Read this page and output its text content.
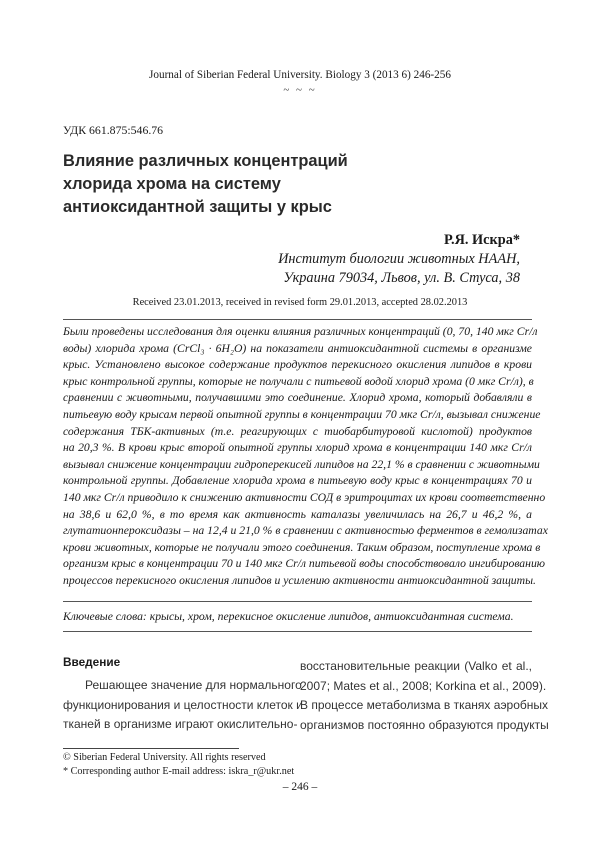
Journal of Siberian Federal University. Biology 3 (2013 6) 246-256
~ ~ ~
УДК 661.875:546.76
Влияние различных концентраций
хлорида хрома на систему
антиоксидантной защиты у крыс
Р.Я. Искра*
Институт биологии животных НААН,
Украина 79034, Львов, ул. В. Стуса, 38
Received 23.01.2013, received in revised form 29.01.2013, accepted 28.02.2013
Были проведены исследования для оценки влияния различных концентраций (0, 70, 140 мкг Cr/л
воды) хлорида хрома (CrCl₃ · 6H₂O) на показатели антиоксидантной системы в организме
крыс. Установлено высокое содержание продуктов перекисного окисления липидов в крови
крыс контрольной группы, которые не получали с питьевой водой хлорид хрома (0 мкг Cr/л), в
сравнении с животными, получавшими это соединение. Хлорид хрома, который добавляли в
питьевую воду крысам первой опытной группы в концентрации 70 мкг Cr/л, вызывал снижение
содержания ТБК-активных (т.е. реагирующих с тиобарбитуровой кислотой) продуктов
на 20,3 %. В крови крыс второй опытной группы хлорид хрома в концентрации 140 мкг Cr/л
вызывал снижение концентрации гидроперекисей липидов на 22,1 % в сравнении с животными
контрольной группы. Добавление хлорида хрома в питьевую воду крыс в концентрациях 70 и
140 мкг Cr/л приводило к снижению активности СОД в эритроцитах их крови соответственно
на 38,6 и 62,0 %, в то время как активность каталазы увеличилась на 26,7 и 46,2 %, а
глутатионпероксидазы – на 12,4 и 21,0 % в сравнении с активностью ферментов в гемолизатах
крови животных, которые не получали этого соединения. Таким образом, поступление хрома в
организм крыс в концентрации 70 и 140 мкг Cr/л питьевой воды способствовало ингибированию
процессов перекисного окисления липидов и усилению активности антиоксидантной защиты.
Ключевые слова: крысы, хром, перекисное окисление липидов, антиоксидантная система.
Введение
Решающее значение для нормального
функционирования и целостности клеток и
тканей в организме играют окислительно-
восстановительные реакции (Valko et al.,
2007; Mates et al., 2008; Korkina et al., 2009).
В процессе метаболизма в тканях аэробных
организмов постоянно образуются продукты
© Siberian Federal University. All rights reserved
* Corresponding author E-mail address: iskra_r@ukr.net
– 246 –
